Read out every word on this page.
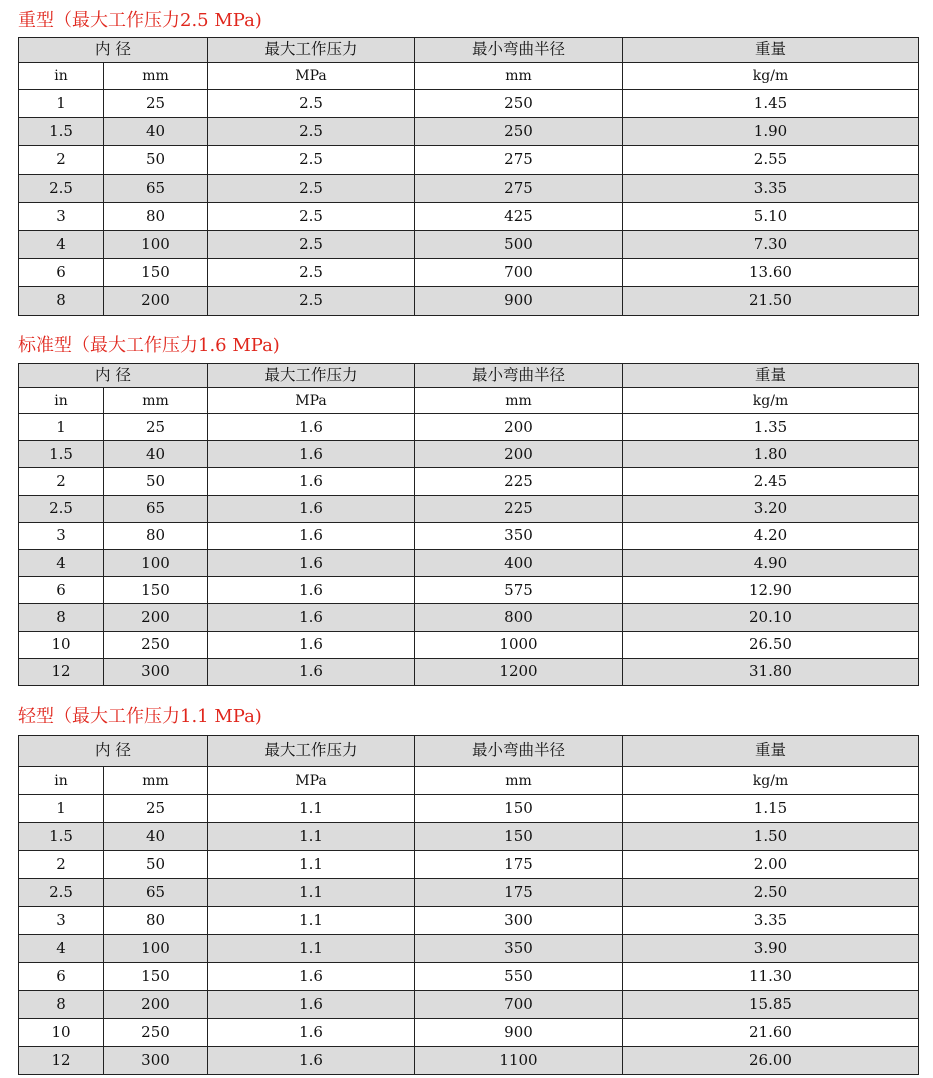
重型（最大工作压力2.5 MPa)
内 径		最大工作压力	最小弯曲半径	重量
in	mm	MPa	mm	kg/m
1	25	2.5	250	1.45
1.5	40	2.5	250	1.90
2	50	2.5	275	2.55
2.5	65	2.5	275	3.35
3	80	2.5	425	5.10
4	100	2.5	500	7.30
6	150	2.5	700	13.60
8	200	2.5	900	21.50
标准型（最大工作压力1.6 MPa)
内 径		最大工作压力	最小弯曲半径	重量
in	mm	MPa	mm	kg/m
1	25	1.6	200	1.35
1.5	40	1.6	200	1.80
2	50	1.6	225	2.45
2.5	65	1.6	225	3.20
3	80	1.6	350	4.20
4	100	1.6	400	4.90
6	150	1.6	575	12.90
8	200	1.6	800	20.10
10	250	1.6	1000	26.50
12	300	1.6	1200	31.80
轻型（最大工作压力1.1 MPa)
内 径		最大工作压力	最小弯曲半径	重量
in	mm	MPa	mm	kg/m
1	25	1.1	150	1.15
1.5	40	1.1	150	1.50
2	50	1.1	175	2.00
2.5	65	1.1	175	2.50
3	80	1.1	300	3.35
4	100	1.1	350	3.90
6	150	1.6	550	11.30
8	200	1.6	700	15.85
10	250	1.6	900	21.60
12	300	1.6	1100	26.00
